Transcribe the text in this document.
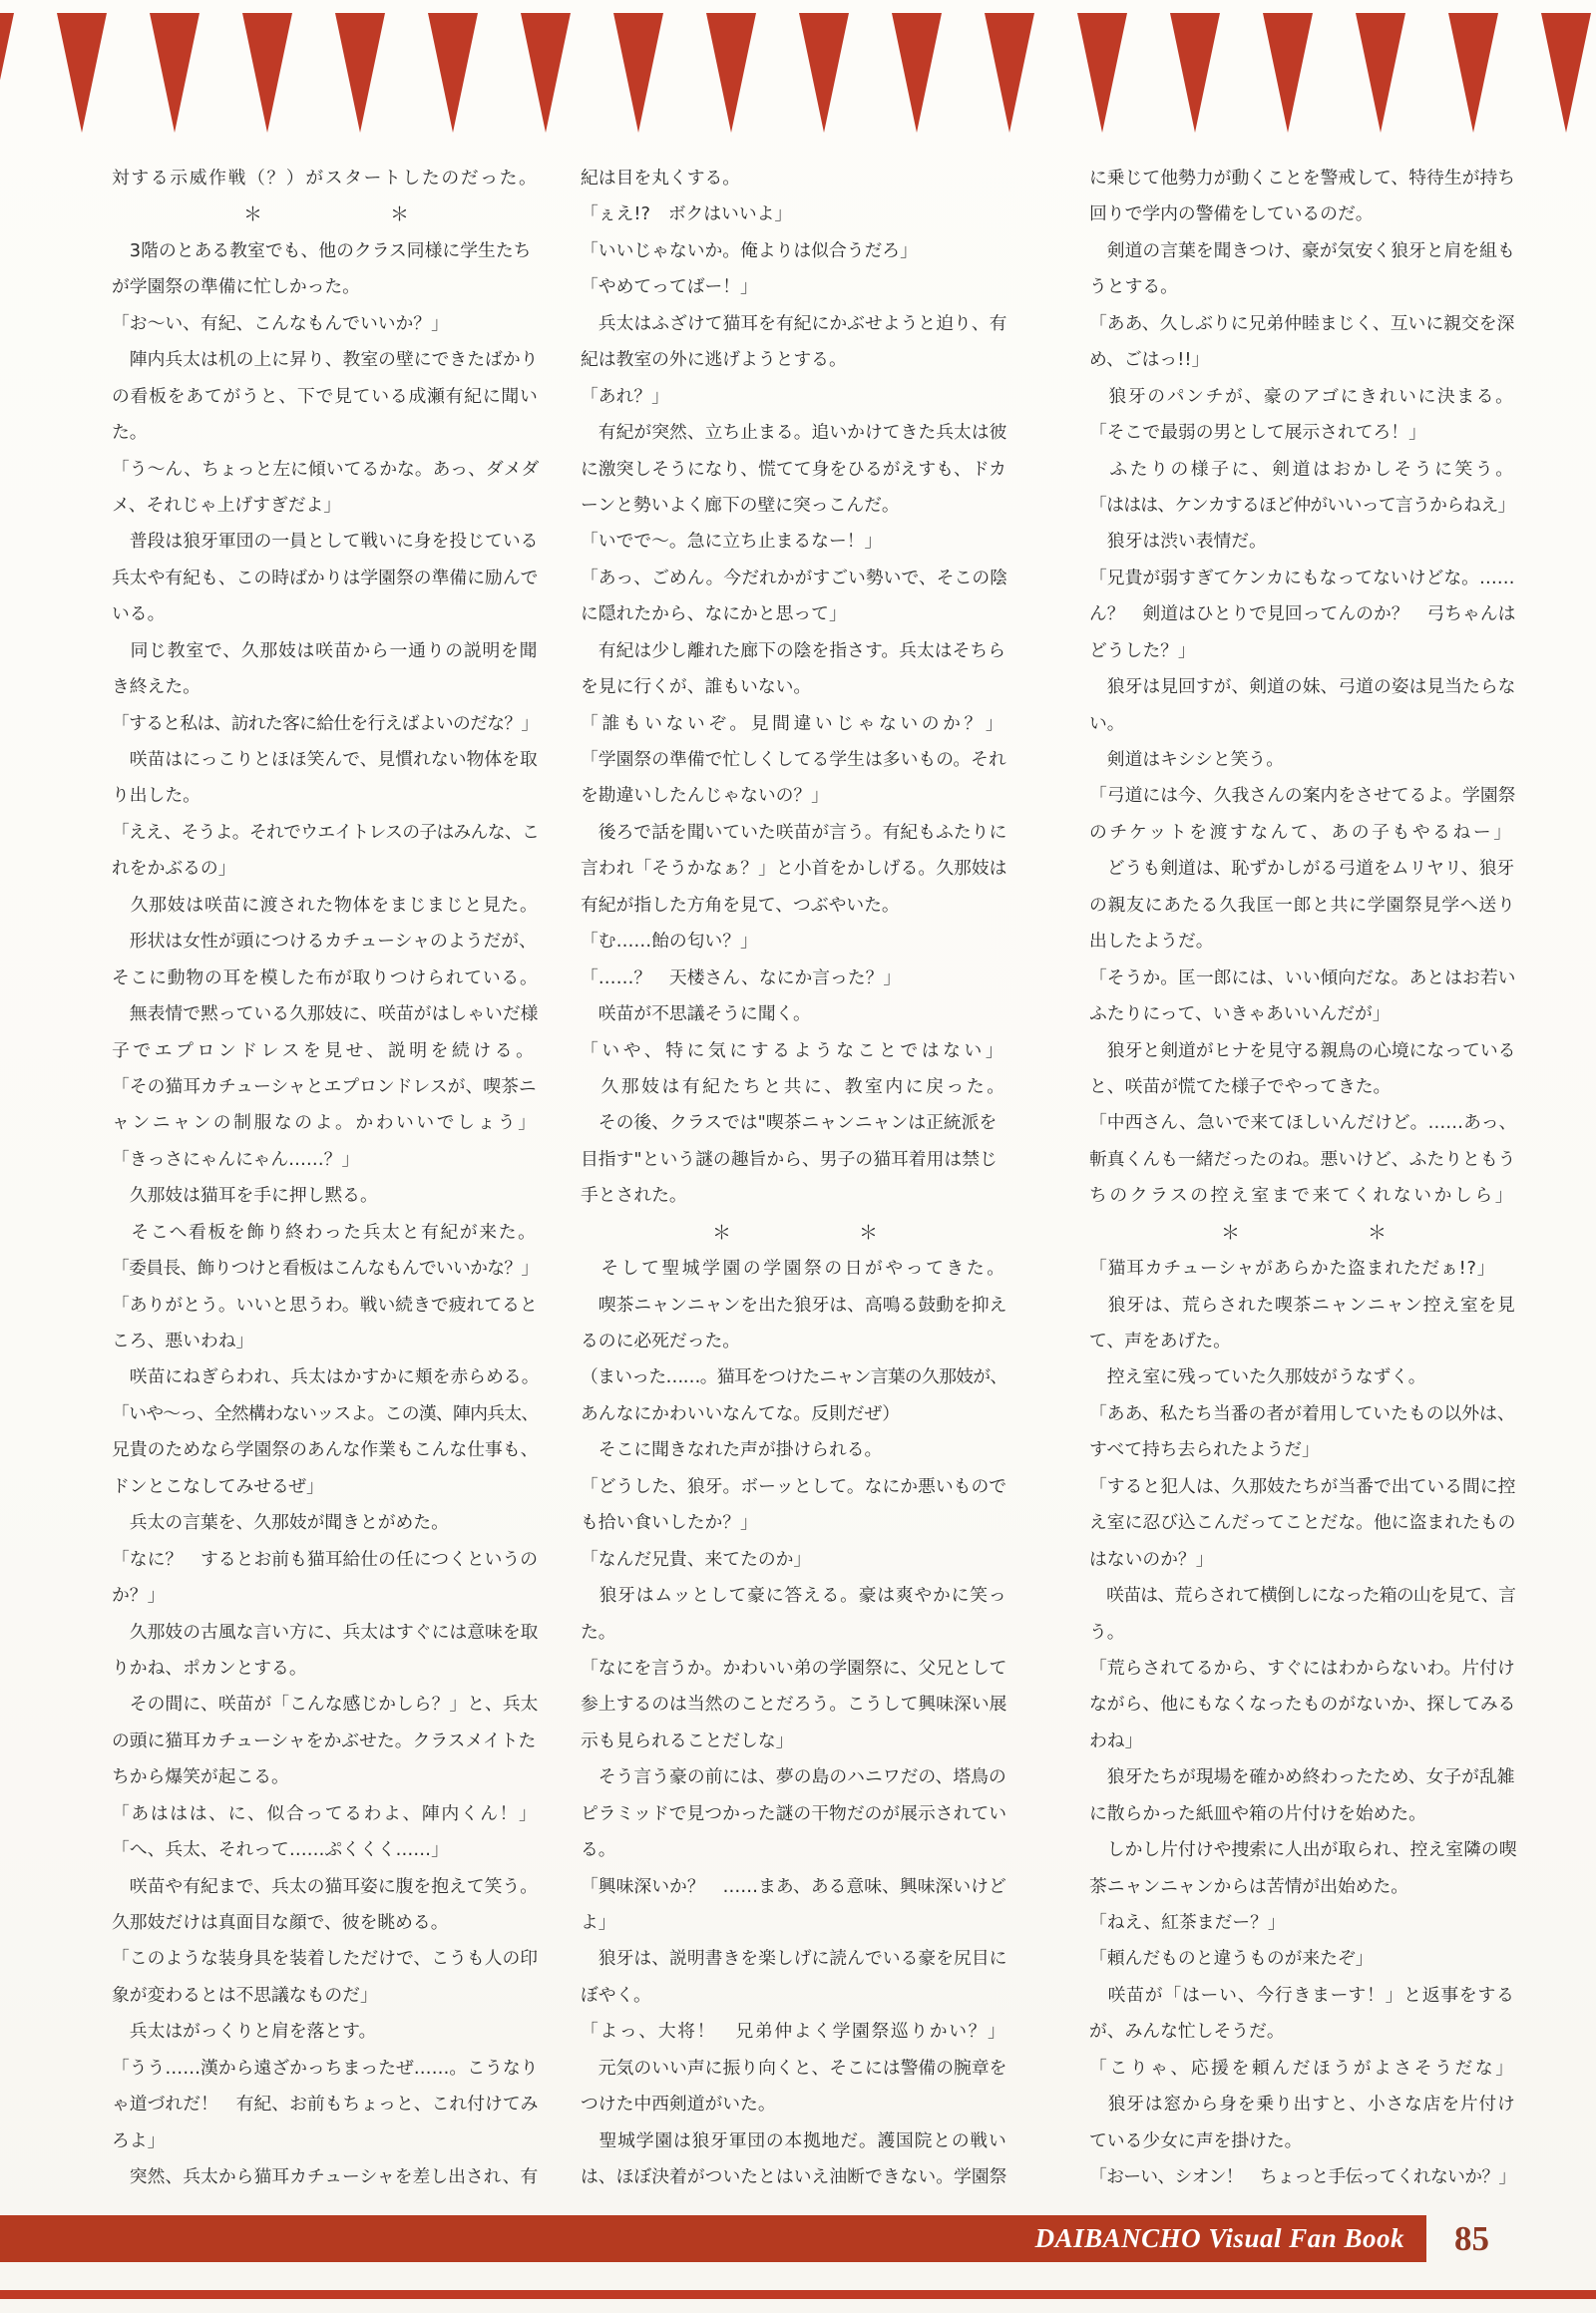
対する示威作戦（？）がスタートしたのだった。
＊	＊
　3階のとある教室でも、他のクラス同様に学生たち
が学園祭の準備に忙しかった。
「お～い、有紀、こんなもんでいいか？」
　陣内兵太は机の上に昇り、教室の壁にできたばかり
の看板をあてがうと、下で見ている成瀬有紀に聞い
た。
「う～ん、ちょっと左に傾いてるかな。あっ、ダメダ
メ、それじゃ上げすぎだよ」
　普段は狼牙軍団の一員として戦いに身を投じている
兵太や有紀も、この時ばかりは学園祭の準備に励んで
いる。
　同じ教室で、久那妓は咲苗から一通りの説明を聞
き終えた。
「すると私は、訪れた客に給仕を行えばよいのだな？」
　咲苗はにっこりとほほ笑んで、見慣れない物体を取
り出した。
「ええ、そうよ。それでウエイトレスの子はみんな、こ
れをかぶるの」
　久那妓は咲苗に渡された物体をまじまじと見た。
　形状は女性が頭につけるカチューシャのようだが、
そこに動物の耳を模した布が取りつけられている。
　無表情で黙っている久那妓に、咲苗がはしゃいだ様
子でエプロンドレスを見せ、説明を続ける。
「その猫耳カチューシャとエプロンドレスが、喫茶ニ
ャンニャンの制服なのよ。かわいいでしょう」
「きっさにゃんにゃん……？」
　久那妓は猫耳を手に押し黙る。
　そこへ看板を飾り終わった兵太と有紀が来た。
「委員長、飾りつけと看板はこんなもんでいいかな？」
「ありがとう。いいと思うわ。戦い続きで疲れてると
ころ、悪いわね」
　咲苗にねぎらわれ、兵太はかすかに頬を赤らめる。
「いや～っ、全然構わないッスよ。この漢、陣内兵太、
兄貴のためなら学園祭のあんな作業もこんな仕事も、
ドンとこなしてみせるぜ」
　兵太の言葉を、久那妓が聞きとがめた。
「なに？　するとお前も猫耳給仕の任につくというの
か？」
　久那妓の古風な言い方に、兵太はすぐには意味を取
りかね、ポカンとする。
　その間に、咲苗が「こんな感じかしら？」と、兵太
の頭に猫耳カチューシャをかぶせた。クラスメイトた
ちから爆笑が起こる。
「あははは、に、似合ってるわよ、陣内くん！」
「へ、兵太、それって……ぷくくく……」
　咲苗や有紀まで、兵太の猫耳姿に腹を抱えて笑う。
久那妓だけは真面目な顔で、彼を眺める。
「このような装身具を装着しただけで、こうも人の印
象が変わるとは不思議なものだ」
　兵太はがっくりと肩を落とす。
「うう……漢から遠ざかっちまったぜ……。こうなり
ゃ道づれだ！　有紀、お前もちょっと、これ付けてみ
ろよ」
　突然、兵太から猫耳カチューシャを差し出され、有
紀は目を丸くする。
「ぇえ!?　ボクはいいよ」
「いいじゃないか。俺よりは似合うだろ」
「やめてってばー！」
　兵太はふざけて猫耳を有紀にかぶせようと迫り、有
紀は教室の外に逃げようとする。
「あれ？」
　有紀が突然、立ち止まる。追いかけてきた兵太は彼
に激突しそうになり、慌てて身をひるがえすも、ドカ
ーンと勢いよく廊下の壁に突っこんだ。
「いでで～。急に立ち止まるなー！」
「あっ、ごめん。今だれかがすごい勢いで、そこの陰
に隠れたから、なにかと思って」
　有紀は少し離れた廊下の陰を指さす。兵太はそちら
を見に行くが、誰もいない。
「誰もいないぞ。見間違いじゃないのか？」
「学園祭の準備で忙しくしてる学生は多いもの。それ
を勘違いしたんじゃないの？」
　後ろで話を聞いていた咲苗が言う。有紀もふたりに
言われ「そうかなぁ？」と小首をかしげる。久那妓は
有紀が指した方角を見て、つぶやいた。
「む……飴の匂い？」
「……？　天楼さん、なにか言った？」
　咲苗が不思議そうに聞く。
「いや、特に気にするようなことではない」
　久那妓は有紀たちと共に、教室内に戻った。
　その後、クラスでは"喫茶ニャンニャンは正統派を
目指す"という謎の趣旨から、男子の猫耳着用は禁じ
手とされた。
＊	＊
　そして聖城学園の学園祭の日がやってきた。
　喫茶ニャンニャンを出た狼牙は、高鳴る鼓動を抑え
るのに必死だった。
（まいった……。猫耳をつけたニャン言葉の久那妓が、
あんなにかわいいなんてな。反則だぜ）
　そこに聞きなれた声が掛けられる。
「どうした、狼牙。ボーッとして。なにか悪いもので
も拾い食いしたか？」
「なんだ兄貴、来てたのか」
　狼牙はムッとして豪に答える。豪は爽やかに笑っ
た。
「なにを言うか。かわいい弟の学園祭に、父兄として
参上するのは当然のことだろう。こうして興味深い展
示も見られることだしな」
　そう言う豪の前には、夢の島のハニワだの、塔鳥の
ピラミッドで見つかった謎の干物だのが展示されてい
る。
「興味深いか？　……まあ、ある意味、興味深いけど
よ」
　狼牙は、説明書きを楽しげに読んでいる豪を尻目に
ぼやく。
「よっ、大将！　兄弟仲よく学園祭巡りかい？」
　元気のいい声に振り向くと、そこには警備の腕章を
つけた中西剣道がいた。
　聖城学園は狼牙軍団の本拠地だ。護国院との戦い
は、ほぼ決着がついたとはいえ油断できない。学園祭
に乗じて他勢力が動くことを警戒して、特待生が持ち
回りで学内の警備をしているのだ。
　剣道の言葉を聞きつけ、豪が気安く狼牙と肩を組も
うとする。
「ああ、久しぶりに兄弟仲睦まじく、互いに親交を深
め、ごはっ!!」
　狼牙のパンチが、豪のアゴにきれいに決まる。
「そこで最弱の男として展示されてろ！」
　ふたりの様子に、剣道はおかしそうに笑う。
「ははは、ケンカするほど仲がいいって言うからねえ」
　狼牙は渋い表情だ。
「兄貴が弱すぎてケンカにもなってないけどな。……
ん？　剣道はひとりで見回ってんのか？　弓ちゃんは
どうした？」
　狼牙は見回すが、剣道の妹、弓道の姿は見当たらな
い。
　剣道はキシシと笑う。
「弓道には今、久我さんの案内をさせてるよ。学園祭
のチケットを渡すなんて、あの子もやるねー」
　どうも剣道は、恥ずかしがる弓道をムリヤリ、狼牙
の親友にあたる久我匡一郎と共に学園祭見学へ送り
出したようだ。
「そうか。匡一郎には、いい傾向だな。あとはお若い
ふたりにって、いきゃあいいんだが」
　狼牙と剣道がヒナを見守る親鳥の心境になっている
と、咲苗が慌てた様子でやってきた。
「中西さん、急いで来てほしいんだけど。……あっ、
斬真くんも一緒だったのね。悪いけど、ふたりともう
ちのクラスの控え室まで来てくれないかしら」
＊	＊
「猫耳カチューシャがあらかた盗まれただぁ!?」
　狼牙は、荒らされた喫茶ニャンニャン控え室を見
て、声をあげた。
　控え室に残っていた久那妓がうなずく。
「ああ、私たち当番の者が着用していたもの以外は、
すべて持ち去られたようだ」
「すると犯人は、久那妓たちが当番で出ている間に控
え室に忍び込こんだってことだな。他に盗まれたもの
はないのか？」
　咲苗は、荒らされて横倒しになった箱の山を見て、言
う。
「荒らされてるから、すぐにはわからないわ。片付け
ながら、他にもなくなったものがないか、探してみる
わね」
　狼牙たちが現場を確かめ終わったため、女子が乱雑
に散らかった紙皿や箱の片付けを始めた。
　しかし片付けや捜索に人出が取られ、控え室隣の喫
茶ニャンニャンからは苦情が出始めた。
「ねえ、紅茶まだー？」
「頼んだものと違うものが来たぞ」
　咲苗が「はーい、今行きまーす！」と返事をする
が、みんな忙しそうだ。
「こりゃ、応援を頼んだほうがよさそうだな」
　狼牙は窓から身を乗り出すと、小さな店を片付け
ている少女に声を掛けた。
「おーい、シオン！　ちょっと手伝ってくれないか？」
DAIBANCHO Visual Fan Book	85
